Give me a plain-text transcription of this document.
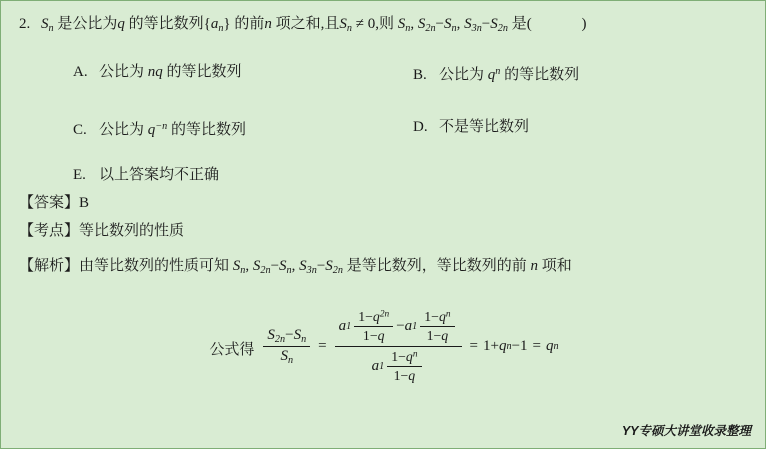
2. $S_n$ 是公比为q 的等比数列$\{a_n\}$ 的前n 项之和,且$S_n \ne 0$,则 $S_n$, $S_{2n}-S_n$, $S_{3n}-S_{2n}$ 是(	)
A. 公比为 nq 的等比数列	B. 公比为 $q^n$ 的等比数列
C. 公比为 $q^{-n}$ 的等比数列	D. 不是等比数列
E. 以上答案均不正确
【答案】B
【考点】等比数列的性质
【解析】由等比数列的性质可知 $S_n$, $S_{2n}-S_n$, $S_{3n}-S_{2n}$ 是等比数列，等比数列的前 n 项和
公式得 $\frac{S_{2n}-S_n}{S_n}$ =
a $1 \frac{1-q^{2n}}{1-q} - a$ $1 \frac{1-q^n}{1-q}$
a $1 \frac{1-q^n}{1-q}$
= 1 + q n − 1 = q n
YY专硕大讲堂收录整理
